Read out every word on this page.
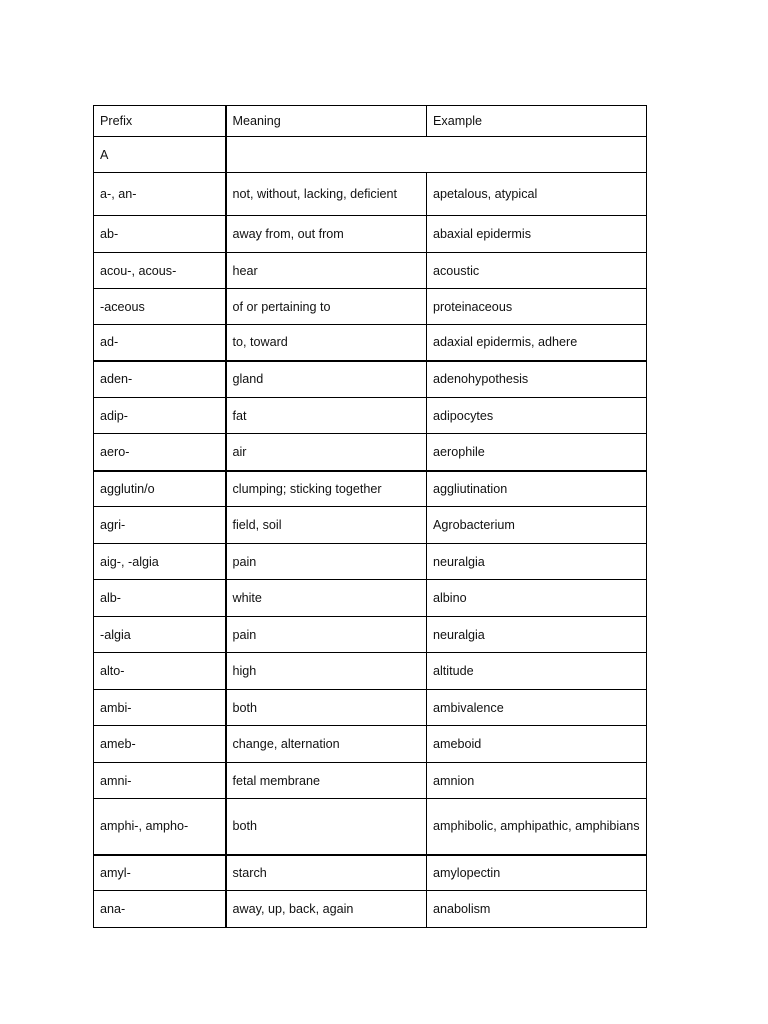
Prefix	Meaning	Example
A		
a-, an-	not, without, lacking, deficient	apetalous, atypical
ab-	away from, out from	abaxial epidermis
acou-, acous-	hear	acoustic
-aceous	of or pertaining to	proteinaceous
ad-	to, toward	adaxial epidermis, adhere
aden-	gland	adenohypothesis
adip-	fat	adipocytes
aero-	air	aerophile
agglutin/o	clumping; sticking together	aggliutination
agri-	field, soil	Agrobacterium
aig-, -algia	pain	neuralgia
alb-	white	albino
-algia	pain	neuralgia
alto-	high	altitude
ambi-	both	ambivalence
ameb-	change, alternation	ameboid
amni-	fetal membrane	amnion
amphi-, ampho-	both	amphibolic, amphipathic, amphibians
amyl-	starch	amylopectin
ana-	away, up, back, again	anabolism
